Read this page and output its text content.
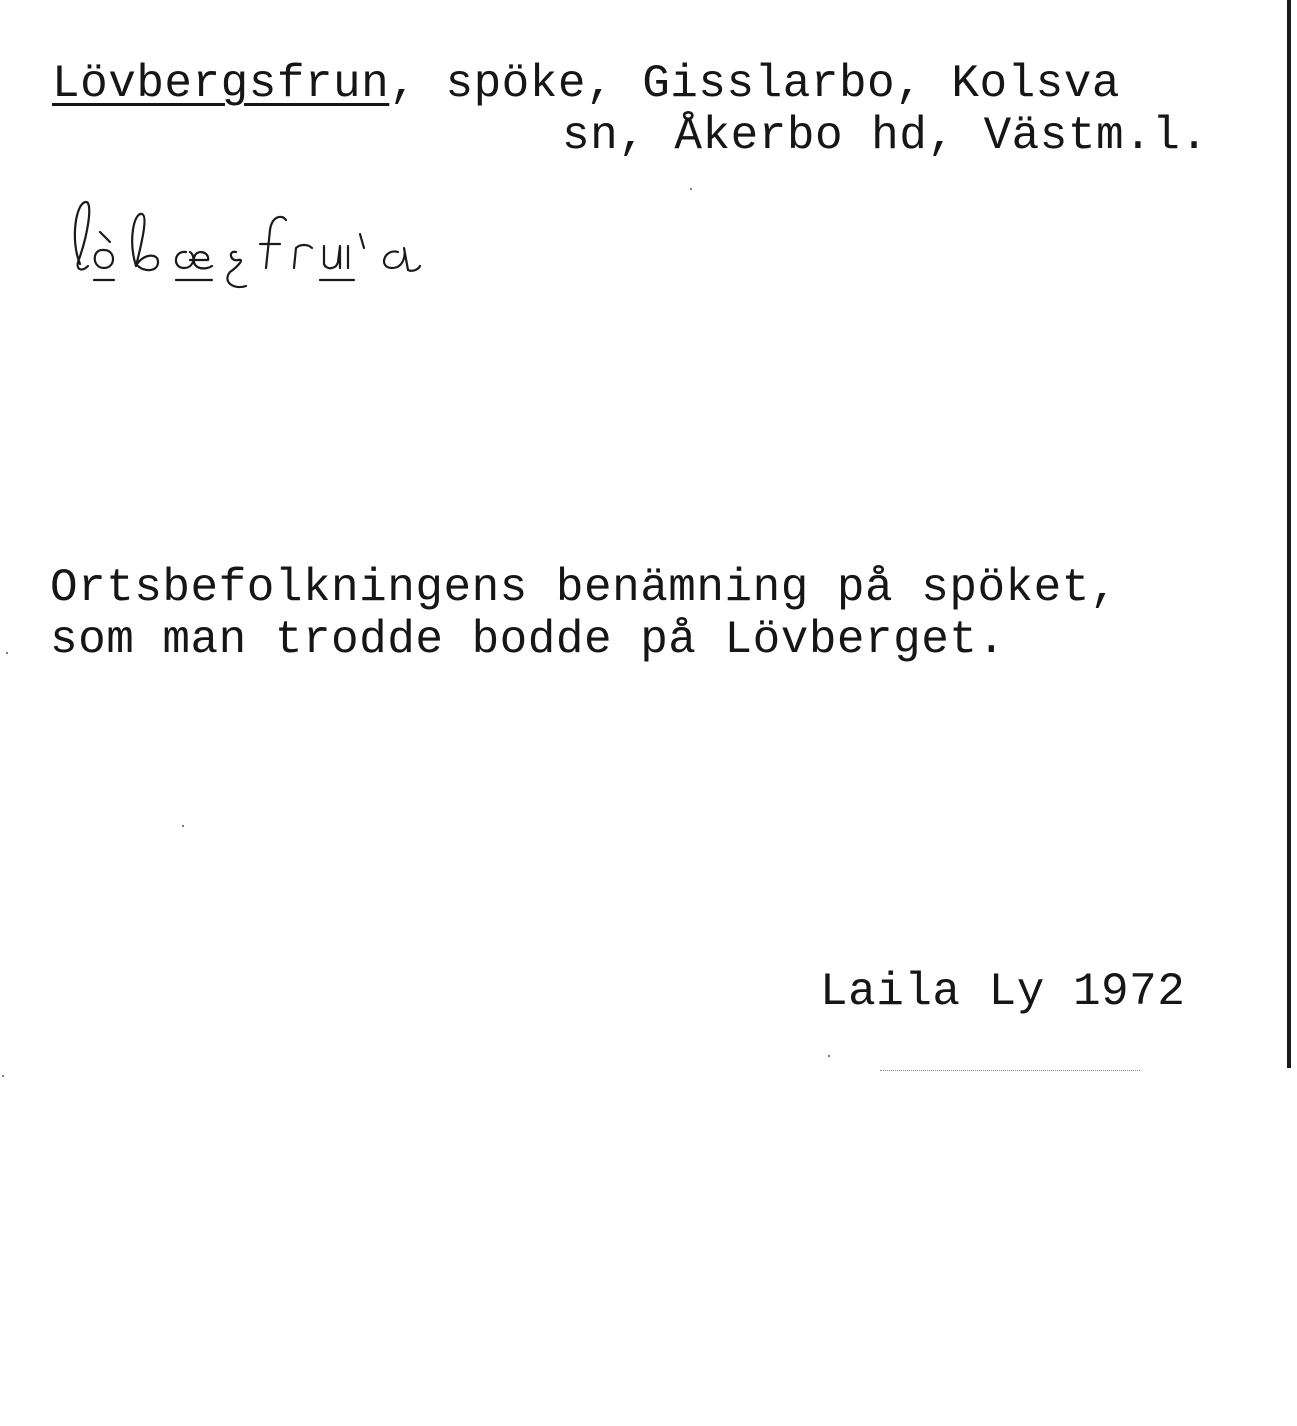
Lövbergsfrun, spöke, Gisslarbo, Kolsva
sn, Åkerbo hd, Västm.l.
Ortsbefolkningens benämning på spöket,
som man trodde bodde på Lövberget.
Laila Ly 1972
